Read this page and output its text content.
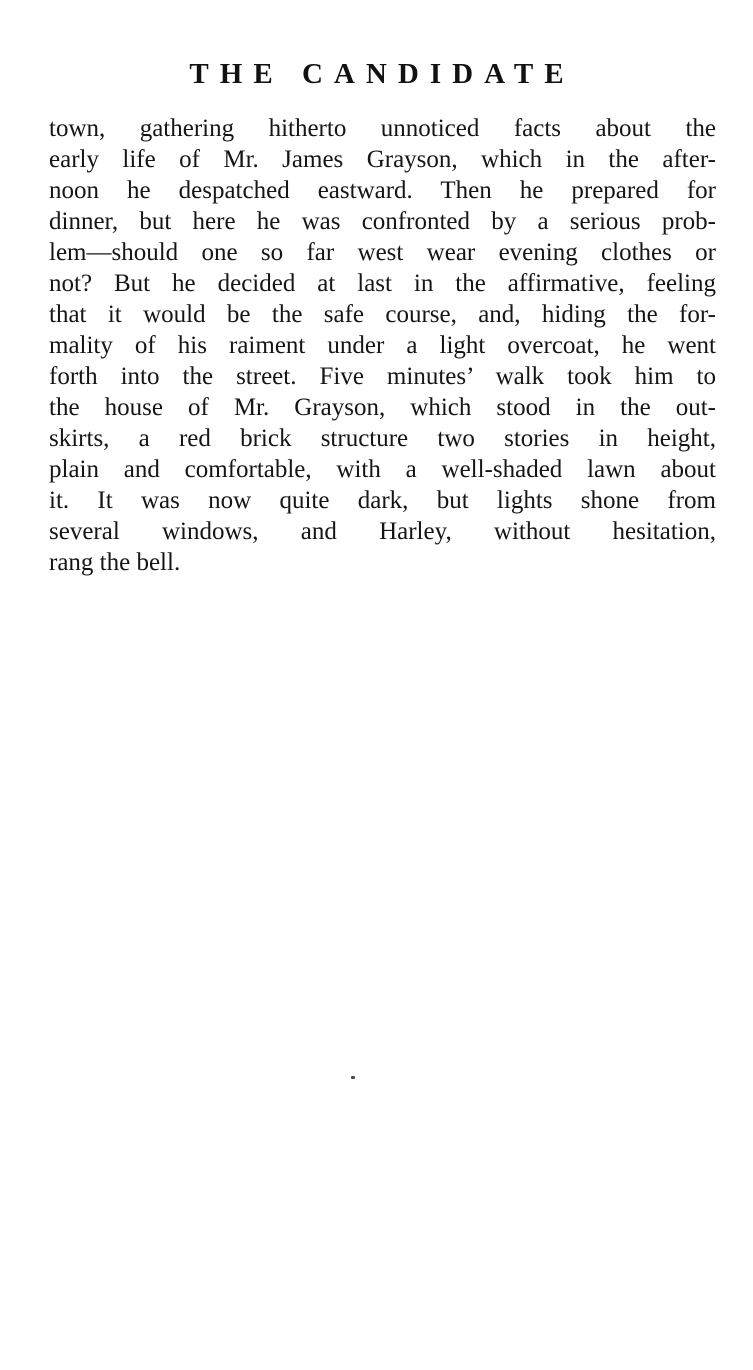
THE CANDIDATE
town, gathering hitherto unnoticed facts about the
early life of Mr. James Grayson, which in the after-
noon he despatched eastward. Then he prepared for
dinner, but here he was confronted by a serious prob-
lem—should one so far west wear evening clothes or
not? But he decided at last in the affirmative, feeling
that it would be the safe course, and, hiding the for-
mality of his raiment under a light overcoat, he went
forth into the street. Five minutes’ walk took him to
the house of Mr. Grayson, which stood in the out-
skirts, a red brick structure two stories in height,
plain and comfortable, with a well-shaded lawn about
it. It was now quite dark, but lights shone from
several windows, and Harley, without hesitation,
rang the bell.
